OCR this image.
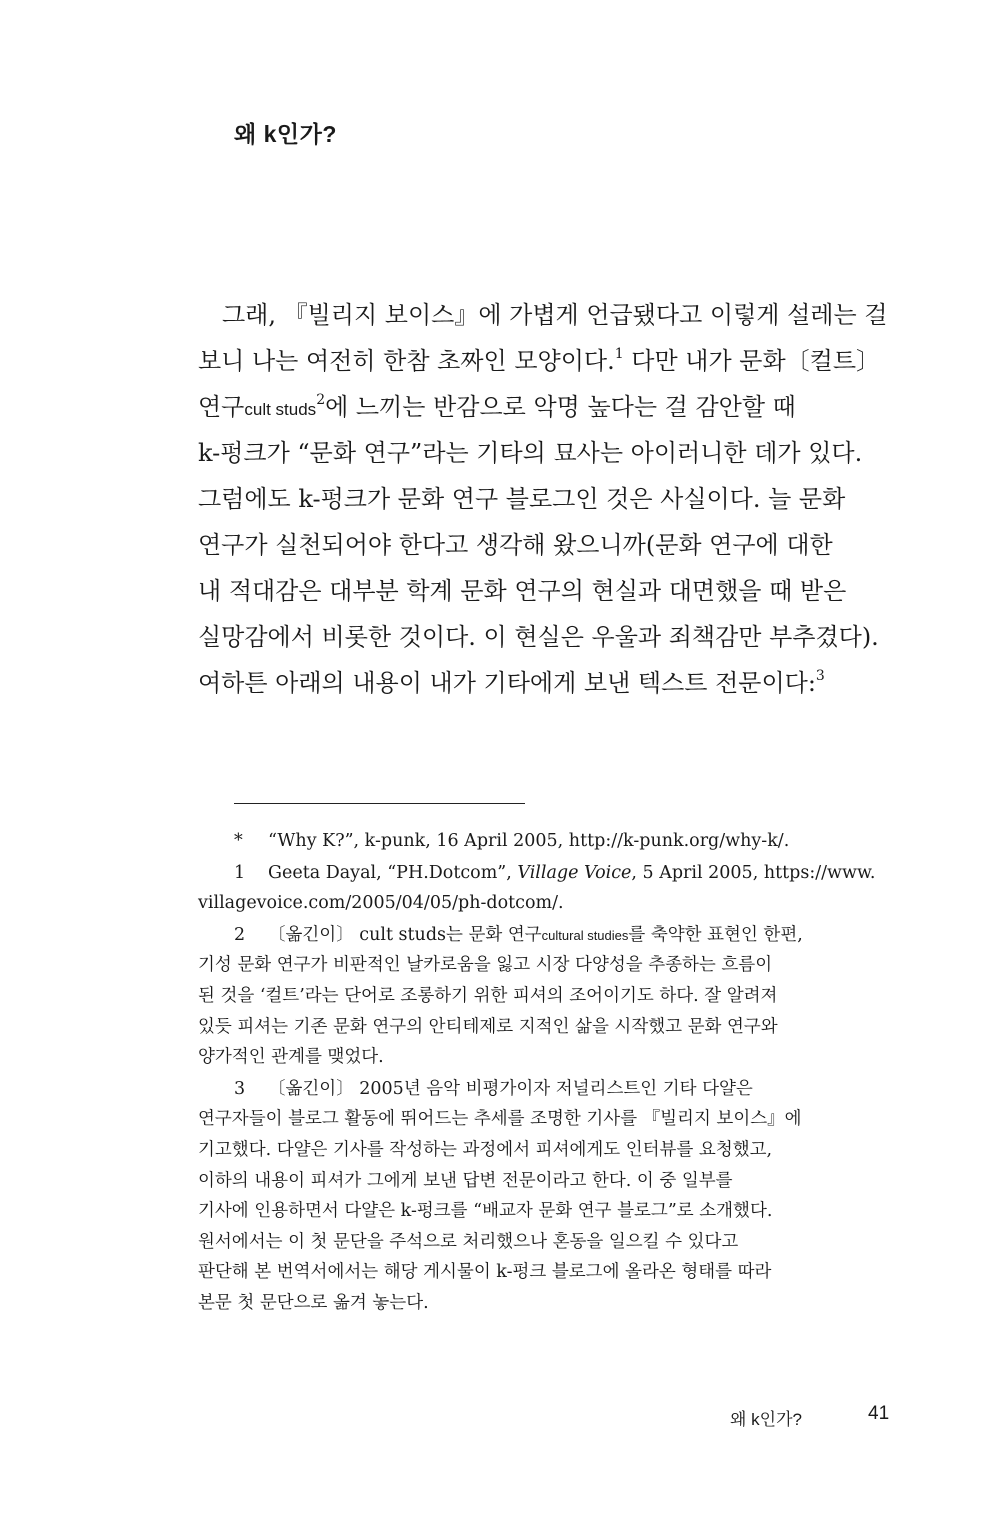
왜 k인가?
 그래, 『빌리지 보이스』에 가볍게 언급됐다고 이렇게 설레는 걸
보니 나는 여전히 한참 초짜인 모양이다.$^1$ 다만 내가 문화〔컬트〕
연구cult studs$^2$에 느끼는 반감으로 악명 높다는 걸 감안할 때
k-펑크가 “문화 연구”라는 기타의 묘사는 아이러니한 데가 있다.
그럼에도 k-펑크가 문화 연구 블로그인 것은 사실이다. 늘 문화
연구가 실천되어야 한다고 생각해 왔으니까(문화 연구에 대한
내 적대감은 대부분 학계 문화 연구의 현실과 대면했을 때 받은
실망감에서 비롯한 것이다. 이 현실은 우울과 죄책감만 부추겼다).
여하튼 아래의 내용이 내가 기타에게 보낸 텍스트 전문이다:$^3$
* “Why K?”, k-punk, 16 April 2005, http://k-punk.org/why-k/.
1 Geeta Dayal, “PH.Dotcom”, Village Voice, 5 April 2005, https://www.
villagevoice.com/2005/04/05/ph-dotcom/.
2 〔옮긴이〕 cult studs는 문화 연구cultural studies를 축약한 표현인 한편,
기성 문화 연구가 비판적인 날카로움을 잃고 시장 다양성을 추종하는 흐름이
된 것을 ‘컬트’라는 단어로 조롱하기 위한 피셔의 조어이기도 하다. 잘 알려져
있듯 피셔는 기존 문화 연구의 안티테제로 지적인 삶을 시작했고 문화 연구와
양가적인 관계를 맺었다.
3 〔옮긴이〕 2005년 음악 비평가이자 저널리스트인 기타 다얄은
연구자들이 블로그 활동에 뛰어드는 추세를 조명한 기사를 『빌리지 보이스』에
기고했다. 다얄은 기사를 작성하는 과정에서 피셔에게도 인터뷰를 요청했고,
이하의 내용이 피셔가 그에게 보낸 답변 전문이라고 한다. 이 중 일부를
기사에 인용하면서 다얄은 k-펑크를 “배교자 문화 연구 블로그”로 소개했다.
원서에서는 이 첫 문단을 주석으로 처리했으나 혼동을 일으킬 수 있다고
판단해 본 번역서에서는 해당 게시물이 k-펑크 블로그에 올라온 형태를 따라
본문 첫 문단으로 옮겨 놓는다.
왜 k인가?	41
